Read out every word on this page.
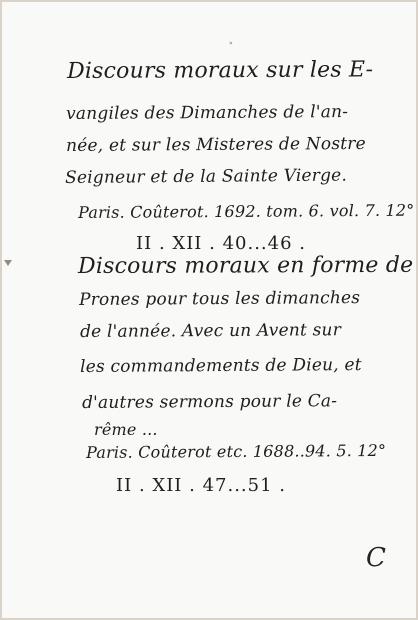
»
Discours moraux sur les E-
vangiles des Dimanches de l'an-
née, et sur les Misteres de Nostre
Seigneur et de la Sainte Vierge.
Paris. Coûterot. 1692. tom. 6. vol. 7. 12°
II . XII . 40...46 .
Discours moraux en forme de
Prones pour tous les dimanches
de l'année. Avec un Avent sur
les commandements de Dieu, et
d'autres sermons pour le Ca-
rême ...
Paris. Coûterot etc. 1688..94. 5. 12°
II . XII . 47...51 .
C
